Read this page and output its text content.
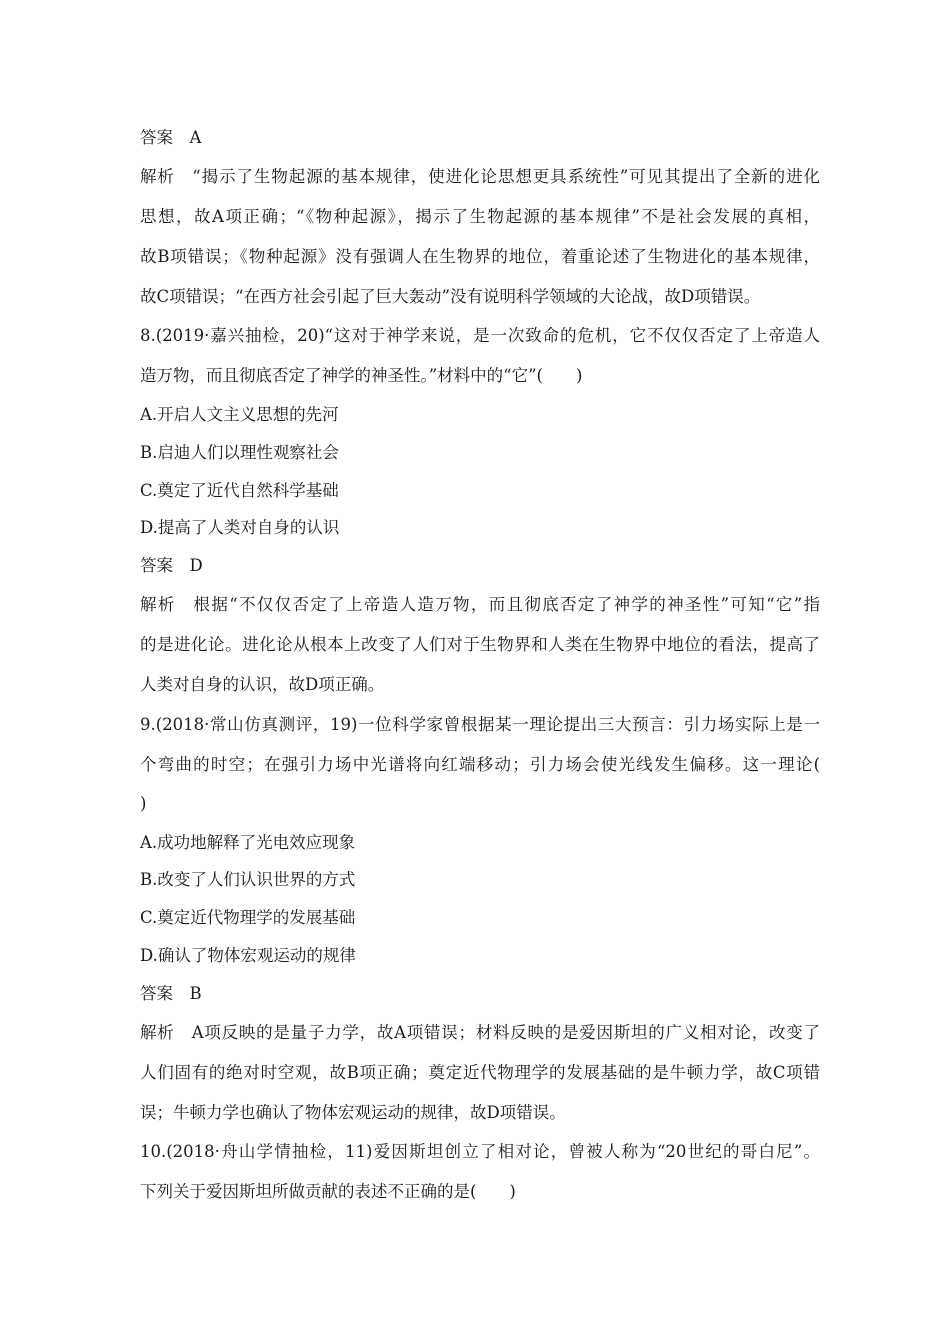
答案　A
解析　“揭示了生物起源的基本规律，使进化论思想更具系统性”可见其提出了全新的进化
思想，故A项正确；“《物种起源》，揭示了生物起源的基本规律”不是社会发展的真相，
故B项错误；《物种起源》没有强调人在生物界的地位，着重论述了生物进化的基本规律，
故C项错误；“在西方社会引起了巨大轰动”没有说明科学领域的大论战，故D项错误。
8.(2019·嘉兴抽检，20)“这对于神学来说，是一次致命的危机，它不仅仅否定了上帝造人
造万物，而且彻底否定了神学的神圣性。”材料中的“它”(　　)
A.开启人文主义思想的先河
B.启迪人们以理性观察社会
C.奠定了近代自然科学基础
D.提高了人类对自身的认识
答案　D
解析　根据“不仅仅否定了上帝造人造万物，而且彻底否定了神学的神圣性”可知“它”指
的是进化论。进化论从根本上改变了人们对于生物界和人类在生物界中地位的看法，提高了
人类对自身的认识，故D项正确。
9.(2018·常山仿真测评，19)一位科学家曾根据某一理论提出三大预言：引力场实际上是一
个弯曲的时空；在强引力场中光谱将向红端移动；引力场会使光线发生偏移。这一理论(
)
A.成功地解释了光电效应现象
B.改变了人们认识世界的方式
C.奠定近代物理学的发展基础
D.确认了物体宏观运动的规律
答案　B
解析　A项反映的是量子力学，故A项错误；材料反映的是爱因斯坦的广义相对论，改变了
人们固有的绝对时空观，故B项正确；奠定近代物理学的发展基础的是牛顿力学，故C项错
误；牛顿力学也确认了物体宏观运动的规律，故D项错误。
10.(2018·舟山学情抽检，11)爱因斯坦创立了相对论，曾被人称为“20世纪的哥白尼”。
下列关于爱因斯坦所做贡献的表述不正确的是(　　)
